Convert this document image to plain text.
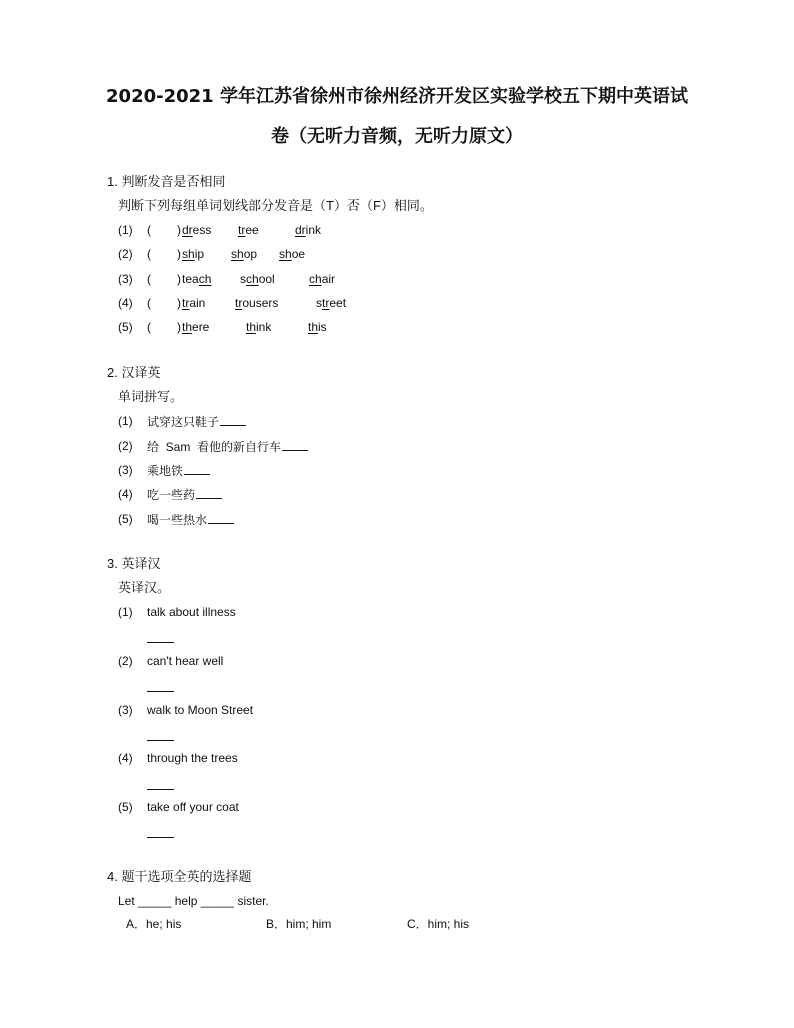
2020-2021 学年江苏省徐州市徐州经济开发区实验学校五下期中英语试
卷（无听力音频，无听力原文）
1. 判断发音是否相同
判断下列每组单词划线部分发音是（T）否（F）相同。
(1) ( ) dress tree	drink
(2) ( ) ship shop shoe
(3) ( ) teach school	chair
(4) ( ) train trousers	street
(5) ( ) there	think	this
2. 汉译英
单词拼写。
(1) 试穿这只鞋子
(2) 给  Sam  看他的新自行车
(3) 乘地铁
(4) 吃一些药
(5) 喝一些热水
3. 英译汉
英译汉。
(1) talk about illness
(2) can't hear well
(3) walk to Moon Street
(4) through the trees
(5) take off your coat
4. 题干选项全英的选择题
Let _____ help _____ sister.
A．he; his	B．him; him	C．him; his
